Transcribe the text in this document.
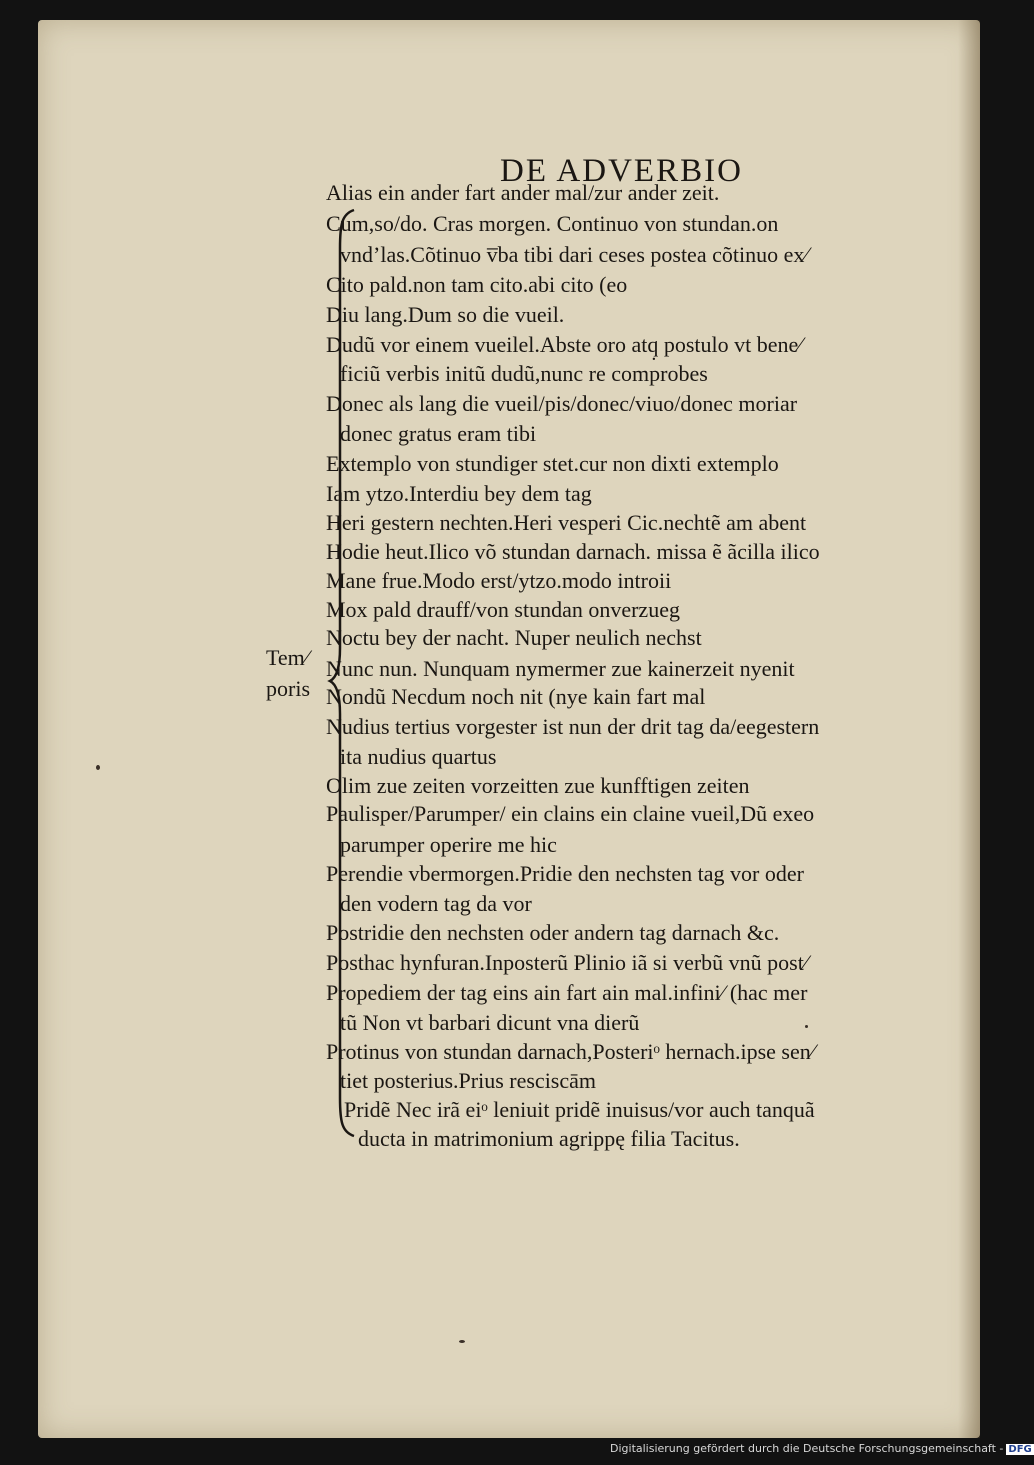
DE ADVERBIO
Tem⁄
poris
Alias ein ander fart ander mal/zur ander zeit.
Cum,so/do. Cras morgen. Continuo von stundan.on
vnd’las.Cõtinuo v̅ba tibi dari ceses postea cõtinuo ex⁄
Cito pald.non tam cito.abi cito (eo
Diu lang.Dum so die vueil.
Dudũ vor einem vueilel.Abste oro atq̣ postulo vt bene⁄
ficiũ verbis initũ dudũ,nunc re comprobes
Donec als lang die vueil/pis/donec/viuo/donec moriar
donec gratus eram tibi
Extemplo von stundiger stet.cur non dixti extemplo
Iam ytzo.Interdiu bey dem tag
Heri gestern nechten.Heri vesperi Cic.nechtẽ am abent
Hodie heut.Ilico võ stundan darnach. missa ẽ ãcilla ilico
Mane frue.Modo erst/ytzo.modo introii
Mox pald drauff/von stundan onverzueg
Noctu bey der nacht. Nuper neulich nechst
Nunc nun. Nunquam nymermer zue kainerzeit nyenit
Nondũ Necdum noch nit (nye kain fart mal
Nudius tertius vorgester ist nun der drit tag da/eegestern
ita nudius quartus
Olim zue zeiten vorzeitten zue kunfftigen zeiten
Paulisper/Parumper/ ein clains ein claine vueil,Dũ exeo
parumper operire me hic
Perendie vbermorgen.Pridie den nechsten tag vor oder
den vodern tag da vor
Postridie den nechsten oder andern tag darnach &c.
Posthac hynfuran.Inposterũ Plinio iã si verbũ vnũ post⁄
Propediem der tag eins ain fart ain mal.infini⁄ (hac mer
tũ Non vt barbari dicunt vna dierũ
Protinus von stundan darnach,Posteriᵒ hernach.ipse sen⁄
tiet posterius.Prius resciscām
Pridẽ Nec irã eiᵒ leniuit pridẽ inuisus/vor auch tanquã
ducta in matrimonium agrippę filia Tacitus.
Digitalisierung gefördert durch die Deutsche Forschungsgemeinschaft - DFG
